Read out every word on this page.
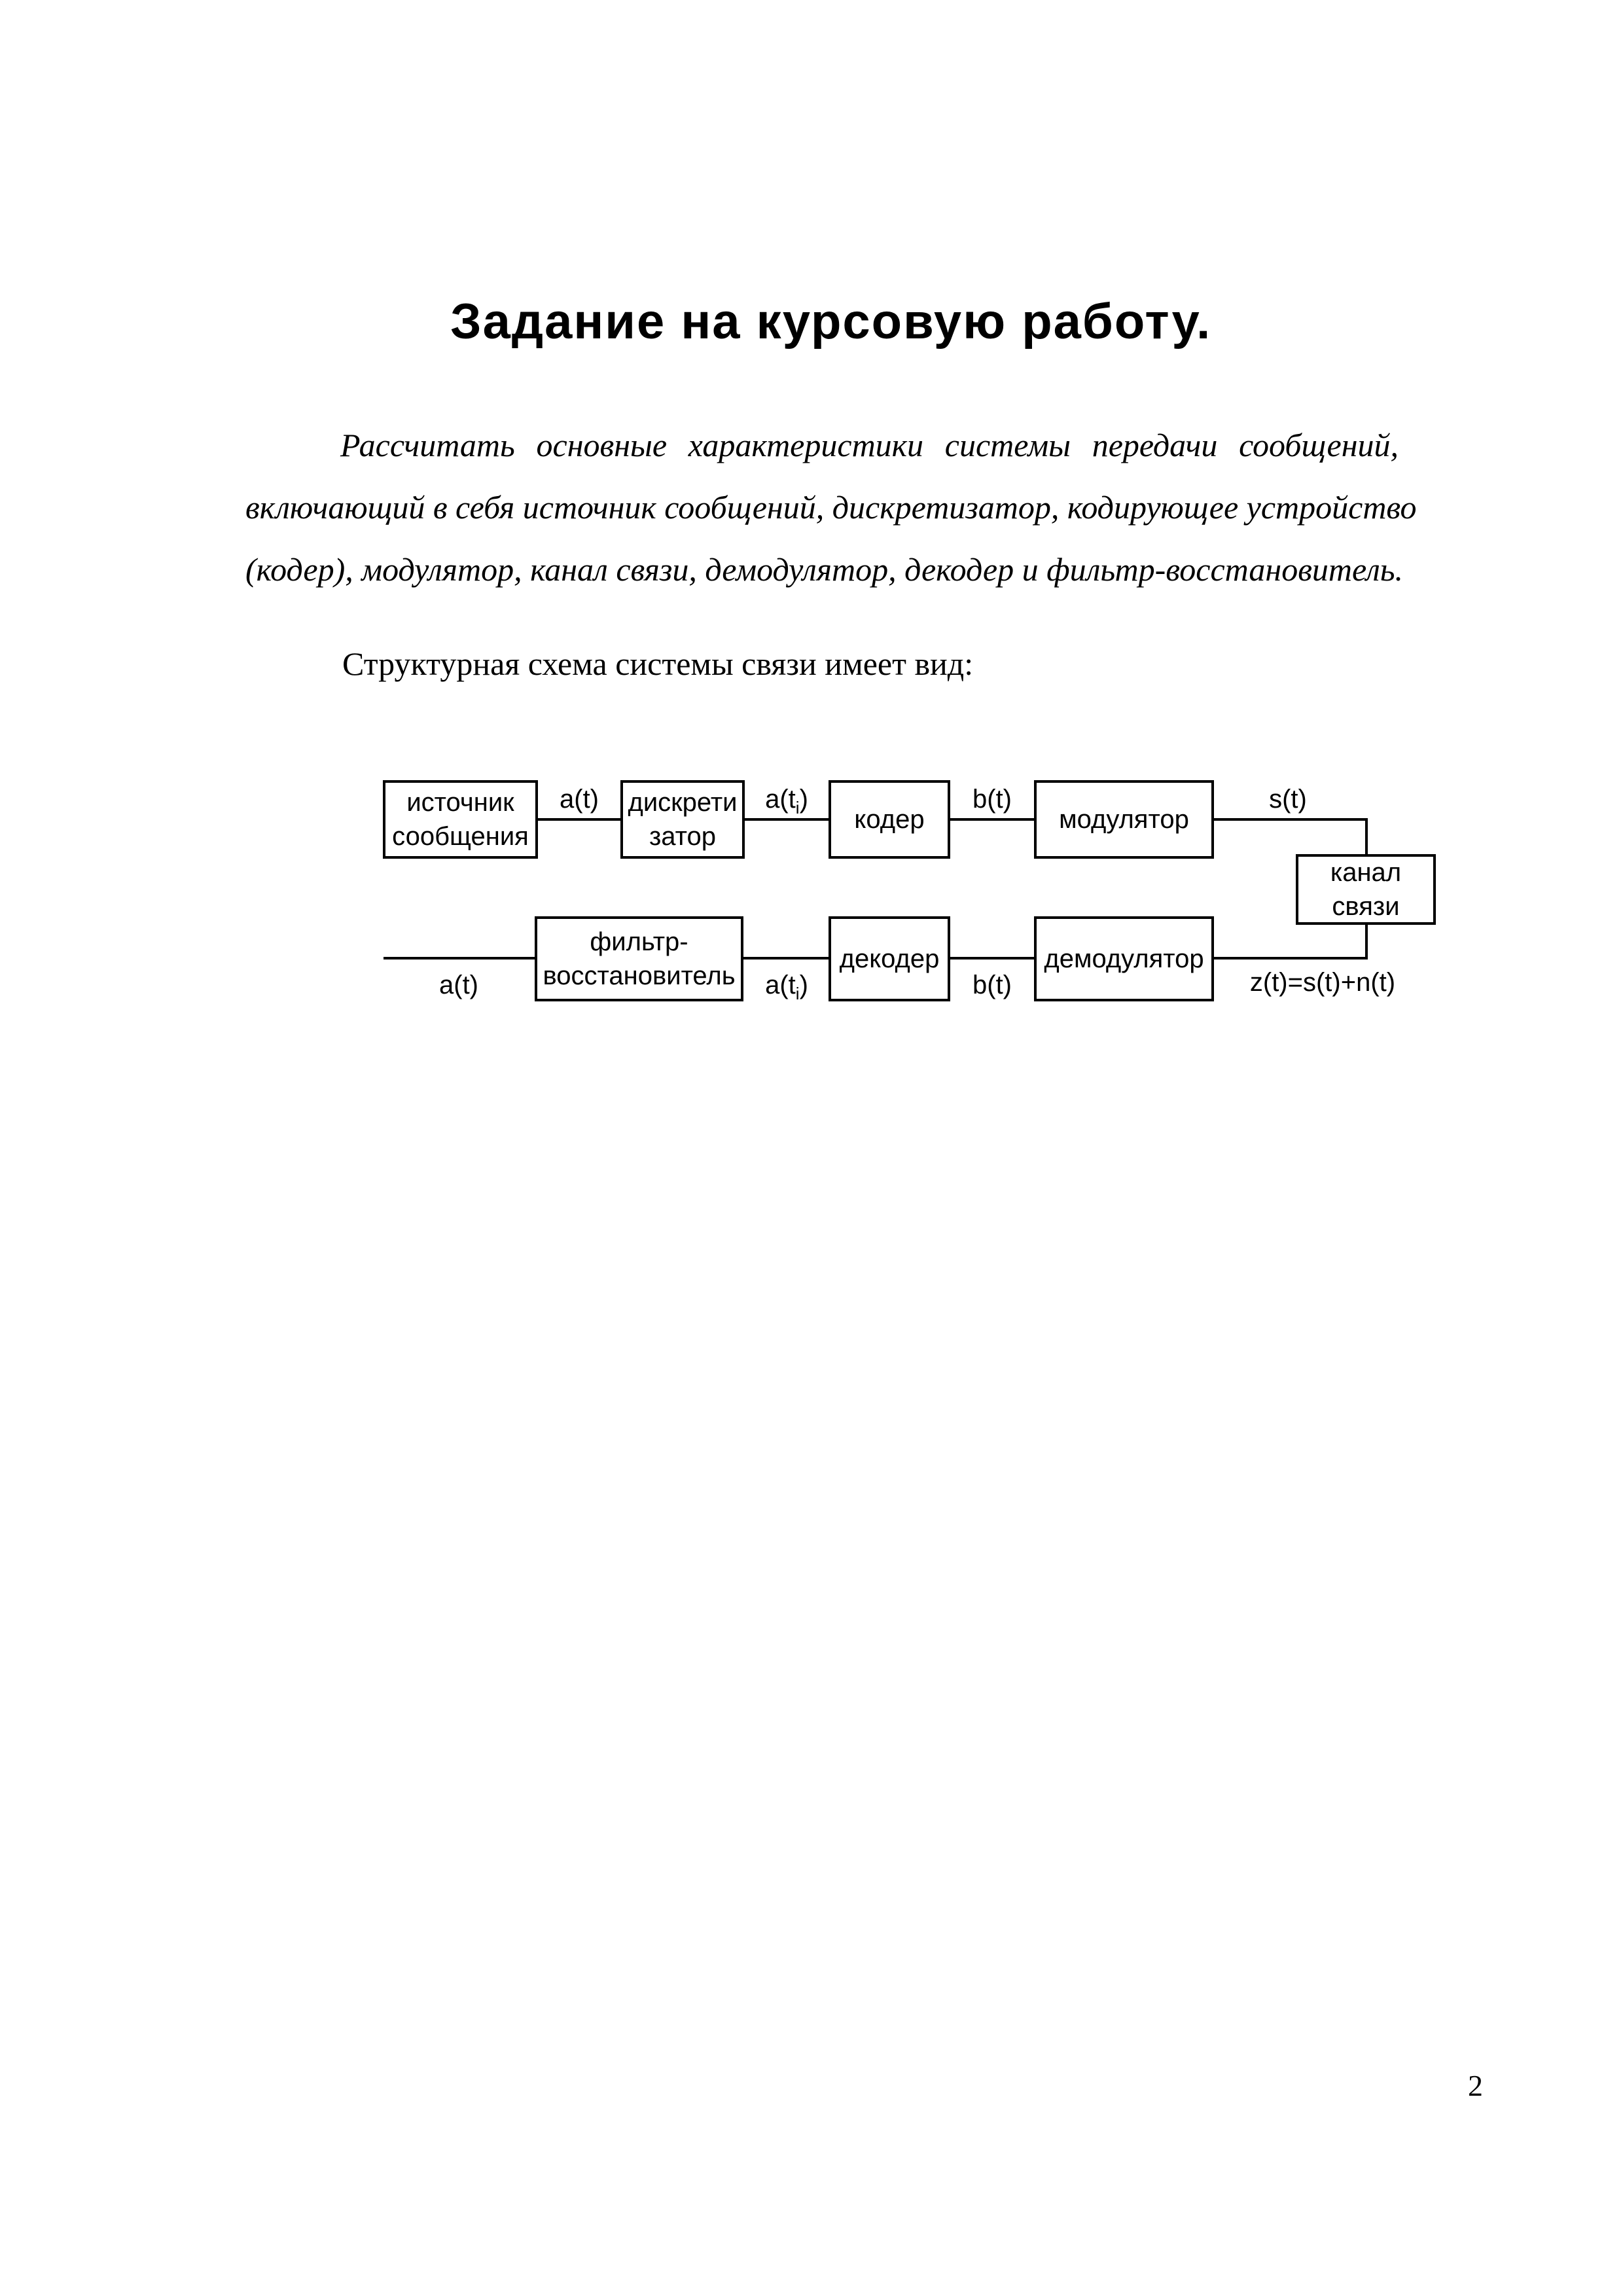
Задание на курсовую работу.
Рассчитать основные характеристики системы передачи сообщений,
включающий в себя источник сообщений, дискретизатор, кодирующее устройство
(кодер), модулятор, канал связи, демодулятор, декодер и фильтр-восстановитель.
Структурная схема системы связи имеет вид:
источник
сообщения
дискрети
затор
кодер	модулятор
канал
связи
фильтр-
восстановитель
декодер	демодулятор
a(t)	$a(t_i)$	b(t)	s(t)
a(t)	$a(t_i)$	b(t)	z(t)=s(t)+n(t)
2
